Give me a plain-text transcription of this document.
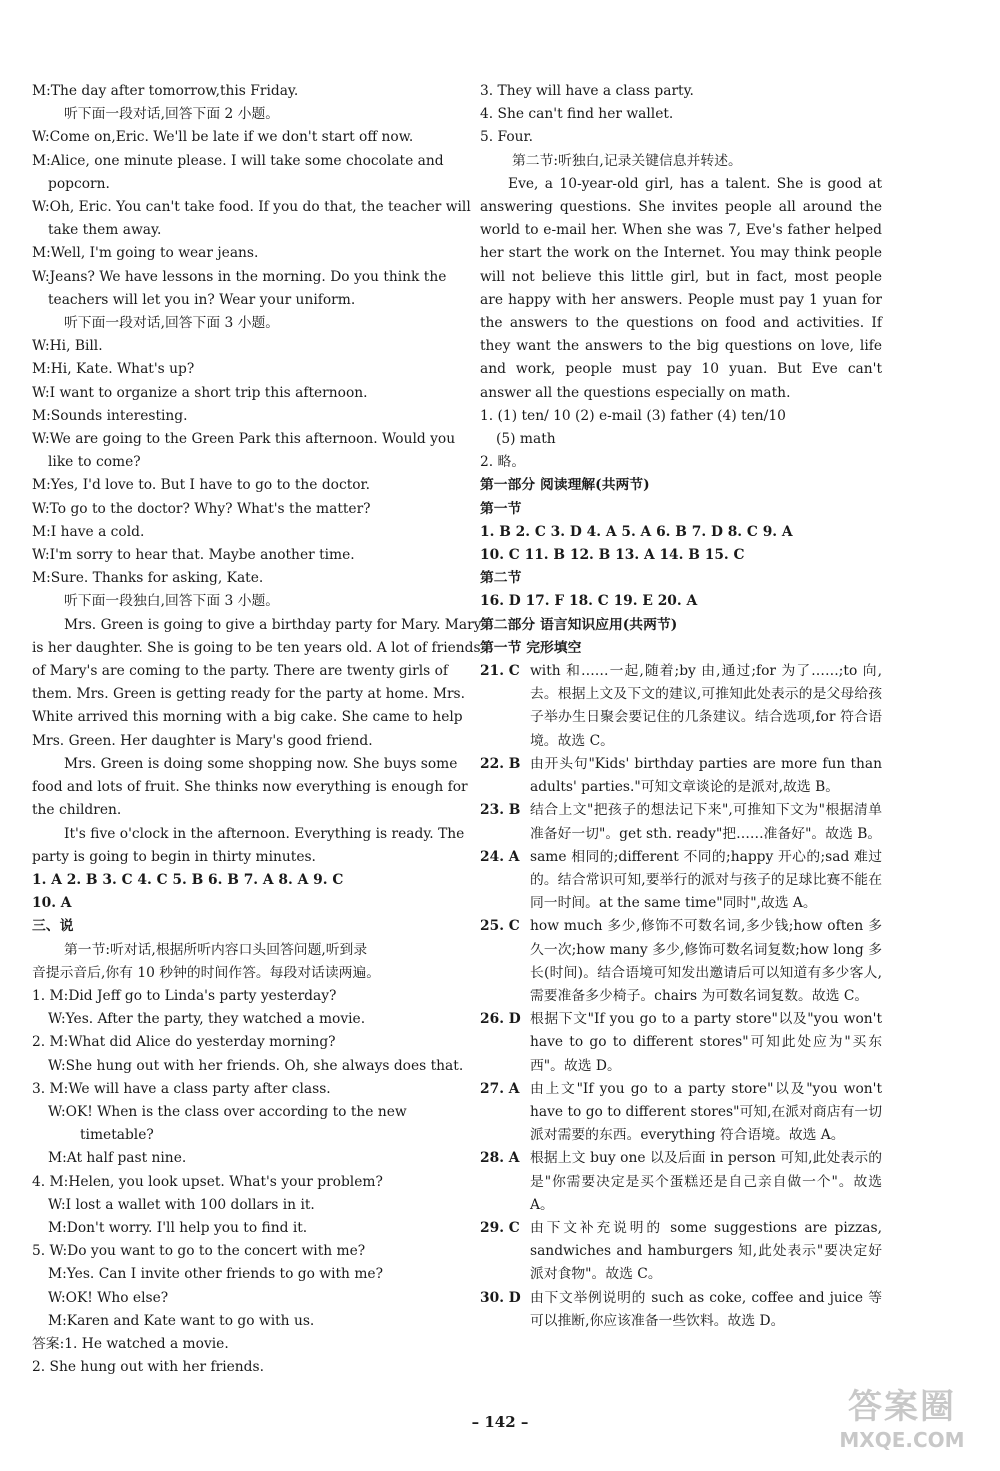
M:The day after tomorrow,this Friday.
听下面一段对话,回答下面 2 小题。
W:Come on,Eric. We'll be late if we don't start off now.
M:Alice, one minute please. I will take some chocolate and
popcorn.
W:Oh, Eric. You can't take food. If you do that, the teacher will
take them away.
M:Well, I'm going to wear jeans.
W:Jeans? We have lessons in the morning. Do you think the
teachers will let you in? Wear your uniform.
听下面一段对话,回答下面 3 小题。
W:Hi, Bill.
M:Hi, Kate. What's up?
W:I want to organize a short trip this afternoon.
M:Sounds interesting.
W:We are going to the Green Park this afternoon. Would you
like to come?
M:Yes, I'd love to. But I have to go to the doctor.
W:To go to the doctor? Why? What's the matter?
M:I have a cold.
W:I'm sorry to hear that. Maybe another time.
M:Sure. Thanks for asking, Kate.
听下面一段独白,回答下面 3 小题。
Mrs. Green is going to give a birthday party for Mary. Mary
is her daughter. She is going to be ten years old. A lot of friends
of Mary's are coming to the party. There are twenty girls of
them. Mrs. Green is getting ready for the party at home. Mrs.
White arrived this morning with a big cake. She came to help
Mrs. Green. Her daughter is Mary's good friend.
Mrs. Green is doing some shopping now. She buys some
food and lots of fruit. She thinks now everything is enough for
the children.
It's five o'clock in the afternoon. Everything is ready. The
party is going to begin in thirty minutes.
1. A 2. B 3. C 4. C 5. B 6. B 7. A 8. A 9. C
10. A
三、说
第一节:听对话,根据所听内容口头回答问题,听到录
音提示音后,你有 10 秒钟的时间作答。每段对话读两遍。
1. M:Did Jeff go to Linda's party yesterday?
W:Yes. After the party, they watched a movie.
2. M:What did Alice do yesterday morning?
W:She hung out with her friends. Oh, she always does that.
3. M:We will have a class party after class.
W:OK! When is the class over according to the new
timetable?
M:At half past nine.
4. M:Helen, you look upset. What's your problem?
W:I lost a wallet with 100 dollars in it.
M:Don't worry. I'll help you to find it.
5. W:Do you want to go to the concert with me?
M:Yes. Can I invite other friends to go with me?
W:OK! Who else?
M:Karen and Kate want to go with us.
答案:1. He watched a movie.
2. She hung out with her friends.
3. They will have a class party.
4. She can't find her wallet.
5. Four.
第二节:听独白,记录关键信息并转述。

Eve, a 10-year-old girl, has a talent. She is good at answering questions. She invites people all around the world to e-mail her. When she was 7, Eve's father helped her start the work on the Internet. You may think people will not believe this little girl, but in fact, most people are happy with her answers. People must pay 1 yuan for the answers to the questions on food and activities. If they want the answers to the big questions on love, life and work, people must pay 10 yuan. But Eve can't answer all the questions especially on math.

1. (1) ten/ 10 (2) e-mail (3) father (4) ten/10
(5) math
2. 略。
第一部分 阅读理解(共两节)
第一节
1. B 2. C 3. D 4. A 5. A 6. B 7. D 8. C 9. A
10. C 11. B 12. B 13. A 14. B 15. C
第二节
16. D 17. F 18. C 19. E 20. A
第二部分 语言知识应用(共两节)
第一节 完形填空
21. C with 和……一起,随着;by 由,通过;for 为了……;to 向,去。根据上文及下文的建议,可推知此处表示的是父母给孩子举办生日聚会要记住的几条建议。结合选项,for 符合语境。故选 C。
22. B 由开头句"Kids' birthday parties are more fun than adults' parties."可知文章谈论的是派对,故选 B。
23. B 结合上文"把孩子的想法记下来",可推知下文为"根据清单准备好一切"。get sth. ready"把……准备好"。故选 B。
24. A same 相同的;different 不同的;happy 开心的;sad 难过的。结合常识可知,要举行的派对与孩子的足球比赛不能在同一时间。at the same time"同时",故选 A。
25. C how much 多少,修饰不可数名词,多少钱;how often 多久一次;how many 多少,修饰可数名词复数;how long 多长(时间)。结合语境可知发出邀请后可以知道有多少客人,需要准备多少椅子。chairs 为可数名词复数。故选 C。
26. D 根据下文"If you go to a party store"以及"you won't have to go to different stores"可知此处应为"买东西"。故选 D。
27. A 由上文"If you go to a party store"以及"you won't have to go to different stores"可知,在派对商店有一切派对需要的东西。everything 符合语境。故选 A。
28. A 根据上文 buy one 以及后面 in person 可知,此处表示的是"你需要决定是买个蛋糕还是自己亲自做一个"。故选 A。
29. C 由下文补充说明的 some suggestions are pizzas, sandwiches and hamburgers 知,此处表示"要决定好派对食物"。故选 C。
30. D 由下文举例说明的 such as coke, coffee and juice 等可以推断,你应该准备一些饮料。故选 D。
– 142 –	答案圈
MXQE.COM
